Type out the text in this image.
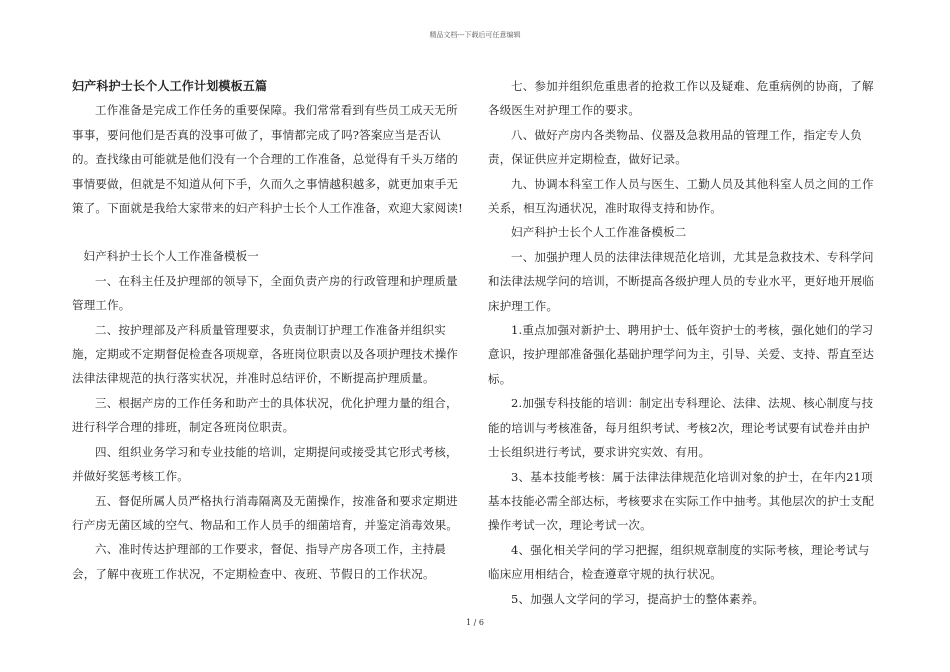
精品文档---下载后可任意编辑

妇产科护士长个人工作计划模板五篇

工作准备是完成工作任务的重要保障。我们常常看到有些员工成天无所事事，要问他们是否真的没事可做了，事情都完成了吗?答案应当是否认的。查找缘由可能就是他们没有一个合理的工作准备，总觉得有千头万绪的事情要做，但就是不知道从何下手，久而久之事情越积越多，就更加束手无策了。下面就是我给大家带来的妇产科护士长个人工作准备，欢迎大家阅读!

妇产科护士长个人工作准备模板一

一、在科主任及护理部的领导下，全面负责产房的行政管理和护理质量管理工作。

二、按护理部及产科质量管理要求，负责制订护理工作准备并组织实施，定期或不定期督促检查各项规章，各班岗位职责以及各项护理技术操作法律法律规范的执行落实状况，并准时总结评价，不断提高护理质量。

三、根据产房的工作任务和助产士的具体状况，优化护理力量的组合，进行科学合理的排班，制定各班岗位职责。

四、组织业务学习和专业技能的培训，定期提问或接受其它形式考核，并做好奖惩考核工作。

五、督促所属人员严格执行消毒隔离及无菌操作，按准备和要求定期进行产房无菌区域的空气、物品和工作人员手的细菌培育，并鉴定消毒效果。

六、准时传达护理部的工作要求，督促、指导产房各项工作，主持晨会，了解中夜班工作状况，不定期检查中、夜班、节假日的工作状况。

七、参加并组织危重患者的抢救工作以及疑难、危重病例的协商，了解各级医生对护理工作的要求。

八、做好产房内各类物品、仪器及急救用品的管理工作，指定专人负责，保证供应并定期检查，做好记录。

九、协调本科室工作人员与医生、工勤人员及其他科室人员之间的工作关系，相互沟通状况，准时取得支持和协作。

妇产科护士长个人工作准备模板二

一、加强护理人员的法律法律规范化培训，尤其是急救技术、专科学问和法律法规学问的培训，不断提高各级护理人员的专业水平，更好地开展临床护理工作。

1.重点加强对新护士、聘用护士、低年资护士的考核，强化她们的学习意识，按护理部准备强化基础护理学问为主，引导、关爱、支持、帮直至达标。

2.加强专科技能的培训：制定出专科理论、法律、法规、核心制度与技能的培训与考核准备，每月组织考试、考核2次，理论考试要有试卷并由护士长组织进行考试，要求讲究实效、有用。

3、基本技能考核：属于法律法律规范化培训对象的护士，在年内21项基本技能必需全部达标，考核要求在实际工作中抽考。其他层次的护士支配操作考试一次，理论考试一次。

4、强化相关学问的学习把握，组织规章制度的实际考核，理论考试与临床应用相结合，检查遵章守规的执行状况。

5、加强人文学问的学习，提高护士的整体素养。

1 / 6
